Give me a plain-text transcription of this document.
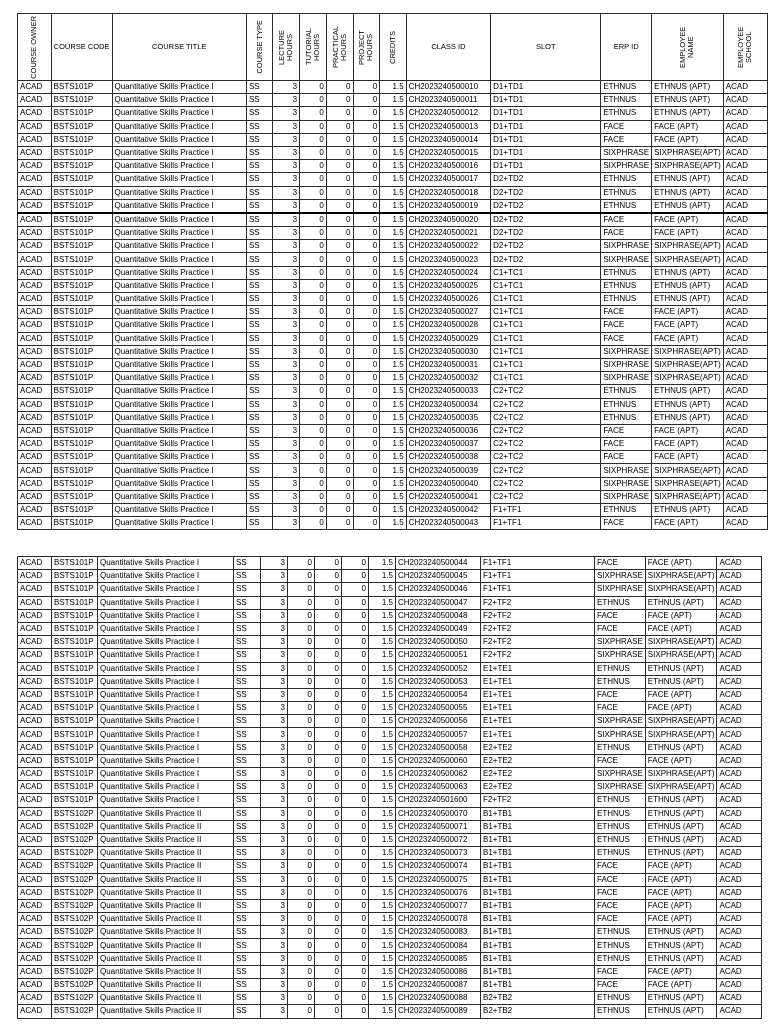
COURSE OWNER	COURSE CODE	COURSE TITLE	COURSE TYPE	LECTURE HOURS	TUTORIAL HOURS	PRACTICAL HOURS	PROJECT HOURS	CREDITS	CLASS ID	SLOT	ERP ID	EMPLOYEE NAME	EMPLOYEE SCHOOL

ACAD	BSTS101P	Quantitative Skills Practice I	SS	3	0	0	0	1.5	CH2023240500010	D1+TD1	ETHNUS	ETHNUS (APT)	ACAD
ACAD	BSTS101P	Quantitative Skills Practice I	SS	3	0	0	0	1.5	CH2023240500011	D1+TD1	ETHNUS	ETHNUS (APT)	ACAD
ACAD	BSTS101P	Quantitative Skills Practice I	SS	3	0	0	0	1.5	CH2023240500012	D1+TD1	ETHNUS	ETHNUS (APT)	ACAD
ACAD	BSTS101P	Quantitative Skills Practice I	SS	3	0	0	0	1.5	CH2023240500013	D1+TD1	FACE	FACE (APT)	ACAD
ACAD	BSTS101P	Quantitative Skills Practice I	SS	3	0	0	0	1.5	CH2023240500014	D1+TD1	FACE	FACE (APT)	ACAD
ACAD	BSTS101P	Quantitative Skills Practice I	SS	3	0	0	0	1.5	CH2023240500015	D1+TD1	SIXPHRASE	SIXPHRASE(APT)	ACAD
ACAD	BSTS101P	Quantitative Skills Practice I	SS	3	0	0	0	1.5	CH2023240500016	D1+TD1	SIXPHRASE	SIXPHRASE(APT)	ACAD
ACAD	BSTS101P	Quantitative Skills Practice I	SS	3	0	0	0	1.5	CH2023240500017	D2+TD2	ETHNUS	ETHNUS (APT)	ACAD
ACAD	BSTS101P	Quantitative Skills Practice I	SS	3	0	0	0	1.5	CH2023240500018	D2+TD2	ETHNUS	ETHNUS (APT)	ACAD
ACAD	BSTS101P	Quantitative Skills Practice I	SS	3	0	0	0	1.5	CH2023240500019	D2+TD2	ETHNUS	ETHNUS (APT)	ACAD
ACAD	BSTS101P	Quantitative Skills Practice I	SS	3	0	0	0	1.5	CH2023240500020	D2+TD2	FACE	FACE (APT)	ACAD
ACAD	BSTS101P	Quantitative Skills Practice I	SS	3	0	0	0	1.5	CH2023240500021	D2+TD2	FACE	FACE (APT)	ACAD
ACAD	BSTS101P	Quantitative Skills Practice I	SS	3	0	0	0	1.5	CH2023240500022	D2+TD2	SIXPHRASE	SIXPHRASE(APT)	ACAD
ACAD	BSTS101P	Quantitative Skills Practice I	SS	3	0	0	0	1.5	CH2023240500023	D2+TD2	SIXPHRASE	SIXPHRASE(APT)	ACAD
ACAD	BSTS101P	Quantitative Skills Practice I	SS	3	0	0	0	1.5	CH2023240500024	C1+TC1	ETHNUS	ETHNUS (APT)	ACAD
ACAD	BSTS101P	Quantitative Skills Practice I	SS	3	0	0	0	1.5	CH2023240500025	C1+TC1	ETHNUS	ETHNUS (APT)	ACAD
ACAD	BSTS101P	Quantitative Skills Practice I	SS	3	0	0	0	1.5	CH2023240500026	C1+TC1	ETHNUS	ETHNUS (APT)	ACAD
ACAD	BSTS101P	Quantitative Skills Practice I	SS	3	0	0	0	1.5	CH2023240500027	C1+TC1	FACE	FACE (APT)	ACAD
ACAD	BSTS101P	Quantitative Skills Practice I	SS	3	0	0	0	1.5	CH2023240500028	C1+TC1	FACE	FACE (APT)	ACAD
ACAD	BSTS101P	Quantitative Skills Practice I	SS	3	0	0	0	1.5	CH2023240500029	C1+TC1	FACE	FACE (APT)	ACAD
ACAD	BSTS101P	Quantitative Skills Practice I	SS	3	0	0	0	1.5	CH2023240500030	C1+TC1	SIXPHRASE	SIXPHRASE(APT)	ACAD
ACAD	BSTS101P	Quantitative Skills Practice I	SS	3	0	0	0	1.5	CH2023240500031	C1+TC1	SIXPHRASE	SIXPHRASE(APT)	ACAD
ACAD	BSTS101P	Quantitative Skills Practice I	SS	3	0	0	0	1.5	CH2023240500032	C1+TC1	SIXPHRASE	SIXPHRASE(APT)	ACAD
ACAD	BSTS101P	Quantitative Skills Practice I	SS	3	0	0	0	1.5	CH2023240500033	C2+TC2	ETHNUS	ETHNUS (APT)	ACAD
ACAD	BSTS101P	Quantitative Skills Practice I	SS	3	0	0	0	1.5	CH2023240500034	C2+TC2	ETHNUS	ETHNUS (APT)	ACAD
ACAD	BSTS101P	Quantitative Skills Practice I	SS	3	0	0	0	1.5	CH2023240500035	C2+TC2	ETHNUS	ETHNUS (APT)	ACAD
ACAD	BSTS101P	Quantitative Skills Practice I	SS	3	0	0	0	1.5	CH2023240500036	C2+TC2	FACE	FACE (APT)	ACAD
ACAD	BSTS101P	Quantitative Skills Practice I	SS	3	0	0	0	1.5	CH2023240500037	C2+TC2	FACE	FACE (APT)	ACAD
ACAD	BSTS101P	Quantitative Skills Practice I	SS	3	0	0	0	1.5	CH2023240500038	C2+TC2	FACE	FACE (APT)	ACAD
ACAD	BSTS101P	Quantitative Skills Practice I	SS	3	0	0	0	1.5	CH2023240500039	C2+TC2	SIXPHRASE	SIXPHRASE(APT)	ACAD
ACAD	BSTS101P	Quantitative Skills Practice I	SS	3	0	0	0	1.5	CH2023240500040	C2+TC2	SIXPHRASE	SIXPHRASE(APT)	ACAD
ACAD	BSTS101P	Quantitative Skills Practice I	SS	3	0	0	0	1.5	CH2023240500041	C2+TC2	SIXPHRASE	SIXPHRASE(APT)	ACAD
ACAD	BSTS101P	Quantitative Skills Practice I	SS	3	0	0	0	1.5	CH2023240500042	F1+TF1	ETHNUS	ETHNUS (APT)	ACAD
ACAD	BSTS101P	Quantitative Skills Practice I	SS	3	0	0	0	1.5	CH2023240500043	F1+TF1	FACE	FACE (APT)	ACAD
ACAD	BSTS101P	Quantitative Skills Practice I	SS	3	0	0	0	1.5	CH2023240500044	F1+TF1	FACE	FACE (APT)	ACAD
ACAD	BSTS101P	Quantitative Skills Practice I	SS	3	0	0	0	1.5	CH2023240500045	F1+TF1	SIXPHRASE	SIXPHRASE(APT)	ACAD
ACAD	BSTS101P	Quantitative Skills Practice I	SS	3	0	0	0	1.5	CH2023240500046	F1+TF1	SIXPHRASE	SIXPHRASE(APT)	ACAD
ACAD	BSTS101P	Quantitative Skills Practice I	SS	3	0	0	0	1.5	CH2023240500047	F2+TF2	ETHNUS	ETHNUS (APT)	ACAD
ACAD	BSTS101P	Quantitative Skills Practice I	SS	3	0	0	0	1.5	CH2023240500048	F2+TF2	FACE	FACE (APT)	ACAD
ACAD	BSTS101P	Quantitative Skills Practice I	SS	3	0	0	0	1.5	CH2023240500049	F2+TF2	FACE	FACE (APT)	ACAD
ACAD	BSTS101P	Quantitative Skills Practice I	SS	3	0	0	0	1.5	CH2023240500050	F2+TF2	SIXPHRASE	SIXPHRASE(APT)	ACAD
ACAD	BSTS101P	Quantitative Skills Practice I	SS	3	0	0	0	1.5	CH2023240500051	F2+TF2	SIXPHRASE	SIXPHRASE(APT)	ACAD
ACAD	BSTS101P	Quantitative Skills Practice I	SS	3	0	0	0	1.5	CH2023240500052	E1+TE1	ETHNUS	ETHNUS (APT)	ACAD
ACAD	BSTS101P	Quantitative Skills Practice I	SS	3	0	0	0	1.5	CH2023240500053	E1+TE1	ETHNUS	ETHNUS (APT)	ACAD
ACAD	BSTS101P	Quantitative Skills Practice I	SS	3	0	0	0	1.5	CH2023240500054	E1+TE1	FACE	FACE (APT)	ACAD
ACAD	BSTS101P	Quantitative Skills Practice I	SS	3	0	0	0	1.5	CH2023240500055	E1+TE1	FACE	FACE (APT)	ACAD
ACAD	BSTS101P	Quantitative Skills Practice I	SS	3	0	0	0	1.5	CH2023240500056	E1+TE1	SIXPHRASE	SIXPHRASE(APT)	ACAD
ACAD	BSTS101P	Quantitative Skills Practice I	SS	3	0	0	0	1.5	CH2023240500057	E1+TE1	SIXPHRASE	SIXPHRASE(APT)	ACAD
ACAD	BSTS101P	Quantitative Skills Practice I	SS	3	0	0	0	1.5	CH2023240500058	E2+TE2	ETHNUS	ETHNUS (APT)	ACAD
ACAD	BSTS101P	Quantitative Skills Practice I	SS	3	0	0	0	1.5	CH2023240500060	E2+TE2	FACE	FACE (APT)	ACAD
ACAD	BSTS101P	Quantitative Skills Practice I	SS	3	0	0	0	1.5	CH2023240500062	E2+TE2	SIXPHRASE	SIXPHRASE(APT)	ACAD
ACAD	BSTS101P	Quantitative Skills Practice I	SS	3	0	0	0	1.5	CH2023240500063	E2+TE2	SIXPHRASE	SIXPHRASE(APT)	ACAD
ACAD	BSTS101P	Quantitative Skills Practice I	SS	3	0	0	0	1.5	CH2023240501600	F2+TF2	ETHNUS	ETHNUS (APT)	ACAD
ACAD	BSTS102P	Quantitative Skills Practice II	SS	3	0	0	0	1.5	CH2023240500070	B1+TB1	ETHNUS	ETHNUS (APT)	ACAD
ACAD	BSTS102P	Quantitative Skills Practice II	SS	3	0	0	0	1.5	CH2023240500071	B1+TB1	ETHNUS	ETHNUS (APT)	ACAD
ACAD	BSTS102P	Quantitative Skills Practice II	SS	3	0	0	0	1.5	CH2023240500072	B1+TB1	ETHNUS	ETHNUS (APT)	ACAD
ACAD	BSTS102P	Quantitative Skills Practice II	SS	3	0	0	0	1.5	CH2023240500073	B1+TB1	ETHNUS	ETHNUS (APT)	ACAD
ACAD	BSTS102P	Quantitative Skills Practice II	SS	3	0	0	0	1.5	CH2023240500074	B1+TB1	FACE	FACE (APT)	ACAD
ACAD	BSTS102P	Quantitative Skills Practice II	SS	3	0	0	0	1.5	CH2023240500075	B1+TB1	FACE	FACE (APT)	ACAD
ACAD	BSTS102P	Quantitative Skills Practice II	SS	3	0	0	0	1.5	CH2023240500076	B1+TB1	FACE	FACE (APT)	ACAD
ACAD	BSTS102P	Quantitative Skills Practice II	SS	3	0	0	0	1.5	CH2023240500077	B1+TB1	FACE	FACE (APT)	ACAD
ACAD	BSTS102P	Quantitative Skills Practice II	SS	3	0	0	0	1.5	CH2023240500078	B1+TB1	FACE	FACE (APT)	ACAD
ACAD	BSTS102P	Quantitative Skills Practice II	SS	3	0	0	0	1.5	CH2023240500083	B1+TB1	ETHNUS	ETHNUS (APT)	ACAD
ACAD	BSTS102P	Quantitative Skills Practice II	SS	3	0	0	0	1.5	CH2023240500084	B1+TB1	ETHNUS	ETHNUS (APT)	ACAD
ACAD	BSTS102P	Quantitative Skills Practice II	SS	3	0	0	0	1.5	CH2023240500085	B1+TB1	ETHNUS	ETHNUS (APT)	ACAD
ACAD	BSTS102P	Quantitative Skills Practice II	SS	3	0	0	0	1.5	CH2023240500086	B1+TB1	FACE	FACE (APT)	ACAD
ACAD	BSTS102P	Quantitative Skills Practice II	SS	3	0	0	0	1.5	CH2023240500087	B1+TB1	FACE	FACE (APT)	ACAD
ACAD	BSTS102P	Quantitative Skills Practice II	SS	3	0	0	0	1.5	CH2023240500088	B2+TB2	ETHNUS	ETHNUS (APT)	ACAD
ACAD	BSTS102P	Quantitative Skills Practice II	SS	3	0	0	0	1.5	CH2023240500089	B2+TB2	ETHNUS	ETHNUS (APT)	ACAD
